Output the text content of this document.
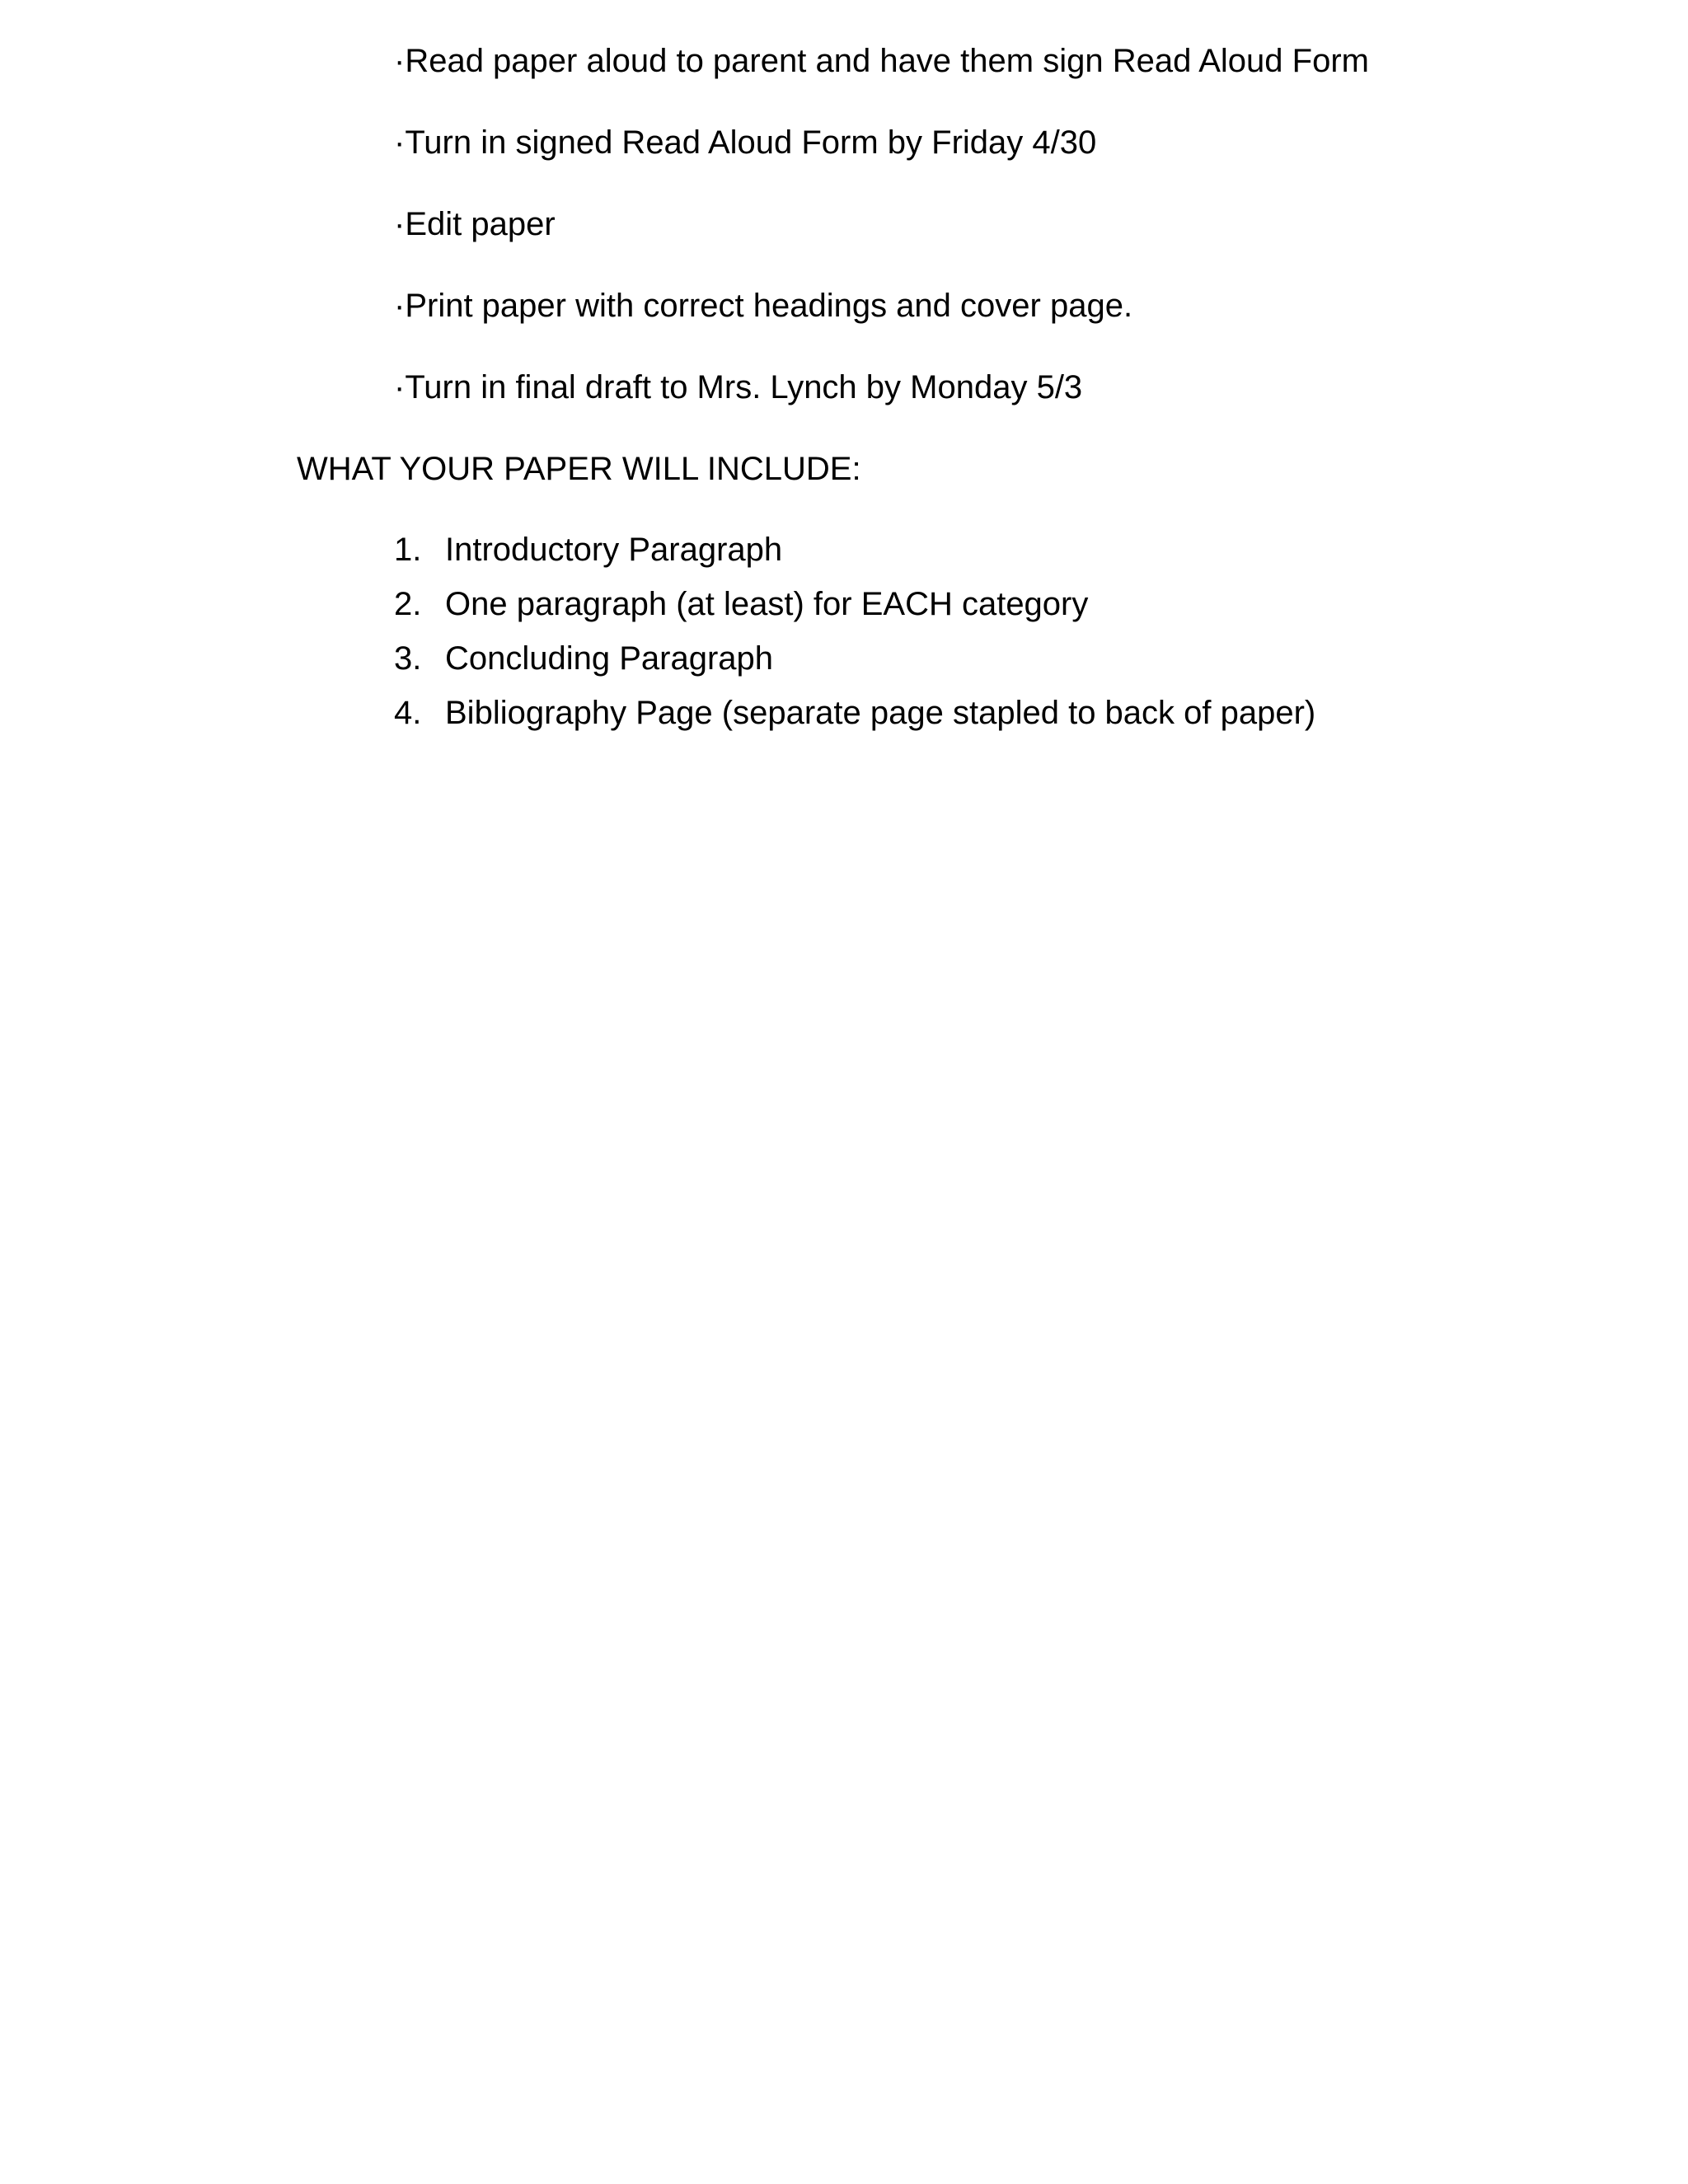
·Read paper aloud to parent and have them sign Read Aloud Form
·Turn in signed Read Aloud Form by Friday 4/30
·Edit paper
·Print paper with correct headings and cover page.
·Turn in final draft to Mrs. Lynch by Monday 5/3
WHAT YOUR PAPER WILL INCLUDE:
1. Introductory Paragraph
2. One paragraph (at least) for EACH category
3. Concluding Paragraph
4. Bibliography Page (separate page stapled to back of paper)
